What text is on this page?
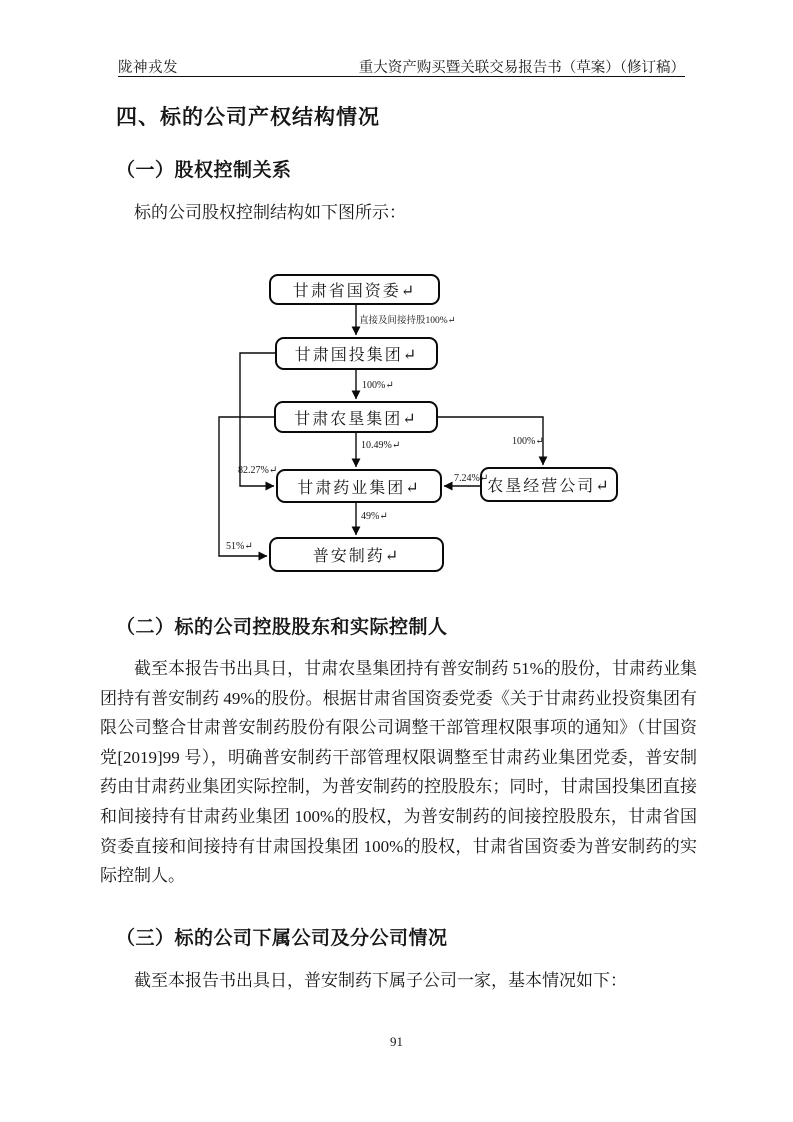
陇神戎发	重大资产购买暨关联交易报告书（草案）（修订稿）
四、标的公司产权结构情况
（一）股权控制关系
标的公司股权控制结构如下图所示：
甘肃省国资委↵
甘肃国投集团↵
甘肃农垦集团↵
甘肃药业集团↵
普安制药↵
农垦经营公司↵
直接及间接持股100%↵
100%↵
10.49%↵
49%↵
82.27%↵
51%↵
100%↵
7.24%↵
（二）标的公司控股股东和实际控制人
截至本报告书出具日，甘肃农垦集团持有普安制药 51%的股份，甘肃药业集团持有普安制药 49%的股份。根据甘肃省国资委党委《关于甘肃药业投资集团有限公司整合甘肃普安制药股份有限公司调整干部管理权限事项的通知》（甘国资党[2019]99 号），明确普安制药干部管理权限调整至甘肃药业集团党委，普安制药由甘肃药业集团实际控制，为普安制药的控股股东；同时，甘肃国投集团直接和间接持有甘肃药业集团 100%的股权，为普安制药的间接控股股东，甘肃省国资委直接和间接持有甘肃国投集团 100%的股权，甘肃省国资委为普安制药的实际控制人。
（三）标的公司下属公司及分公司情况
截至本报告书出具日，普安制药下属子公司一家，基本情况如下：
91
